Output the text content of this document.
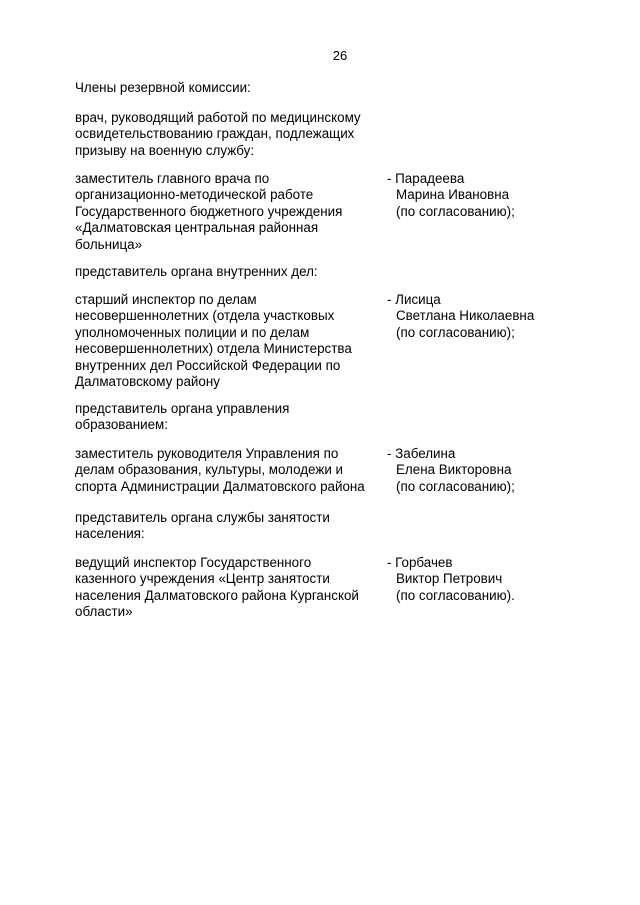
26
Члены резервной комиссии:
врач, руководящий работой по медицинскому
освидетельствованию граждан, подлежащих
призыву на военную службу:
заместитель главного врача по
организационно-методической работе
Государственного бюджетного учреждения
«Далматовская центральная районная
больница»
- Парадеева
Марина Ивановна
(по согласованию);
представитель органа внутренних дел:
старший инспектор по делам
несовершеннолетних (отдела участковых
уполномоченных полиции и по делам
несовершеннолетних) отдела Министерства
внутренних дел Российской Федерации по
Далматовскому району
- Лисица
Светлана Николаевна
(по согласованию);
представитель органа управления
образованием:
заместитель руководителя Управления по
делам образования, культуры, молодежи и
спорта Администрации Далматовского района
- Забелина
Елена Викторовна
(по согласованию);
представитель органа службы занятости
населения:
ведущий инспектор Государственного
казенного учреждения «Центр занятости
населения Далматовского района Курганской
области»
- Горбачев
Виктор Петрович
(по согласованию).
